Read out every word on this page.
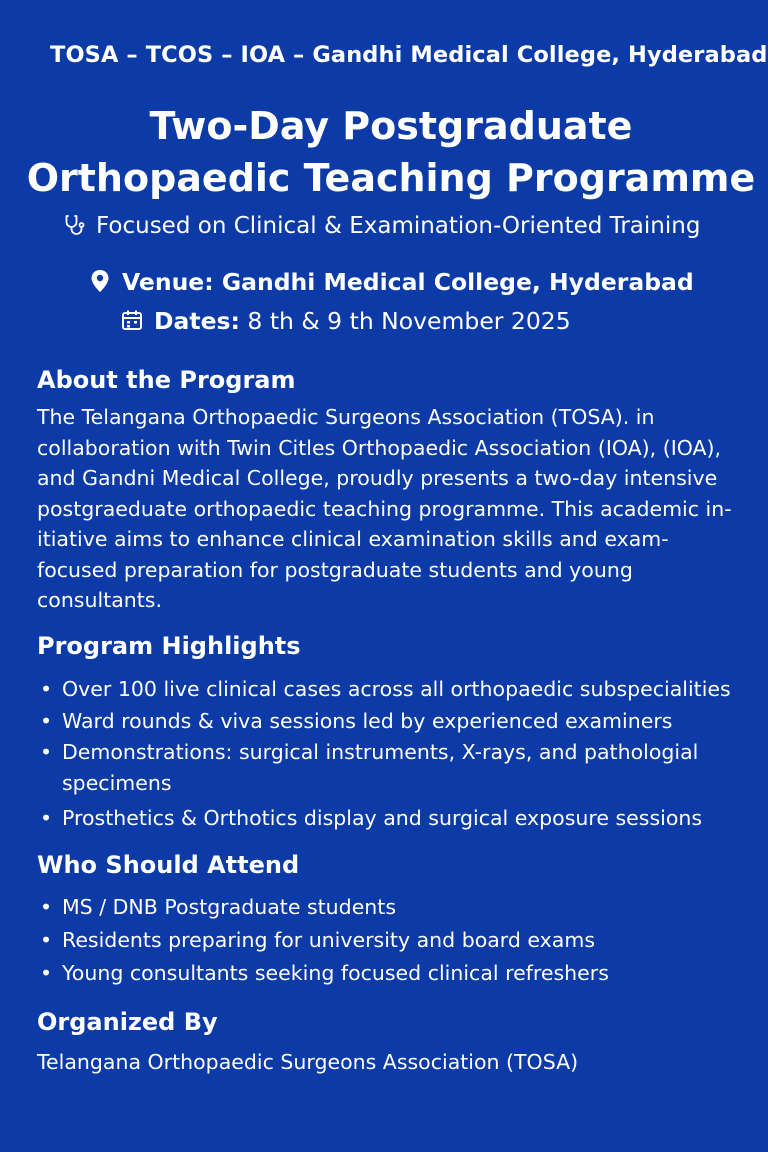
TOSA – TCOS – IOA – Gandhi Medical College, Hyderabad
Two-Day Postgraduate
Orthopaedic Teaching Programme
Focused on Clinical & Examination-Oriented Training
Venue: Gandhi Medical College, Hyderabad
Dates: 8 th & 9 th November 2025
About the Program
The Telangana Orthopaedic Surgeons Association (TOSA). in
collaboration with Twin Citles Orthopaedic Association (IOA), (IOA),
and Gandni Medical College, proudly presents a two-day intensive
postgraeduate orthopaedic teaching programme. This academic in-
itiative aims to enhance clinical examination skills and exam-
focused preparation for postgraduate students and young
consultants.
Program Highlights
• Over 100 live clinical cases across all orthopaedic subspecialities
• Ward rounds & viva sessions led by experienced examiners
• Demonstrations: surgical instruments, X-rays, and pathologial
specimens
• Prosthetics & Orthotics display and surgical exposure sessions
Who Should Attend
• MS / DNB Postgraduate students
• Residents preparing for university and board exams
• Young consultants seeking focused clinical refreshers
Organized By
Telangana Orthopaedic Surgeons Association (TOSA)
